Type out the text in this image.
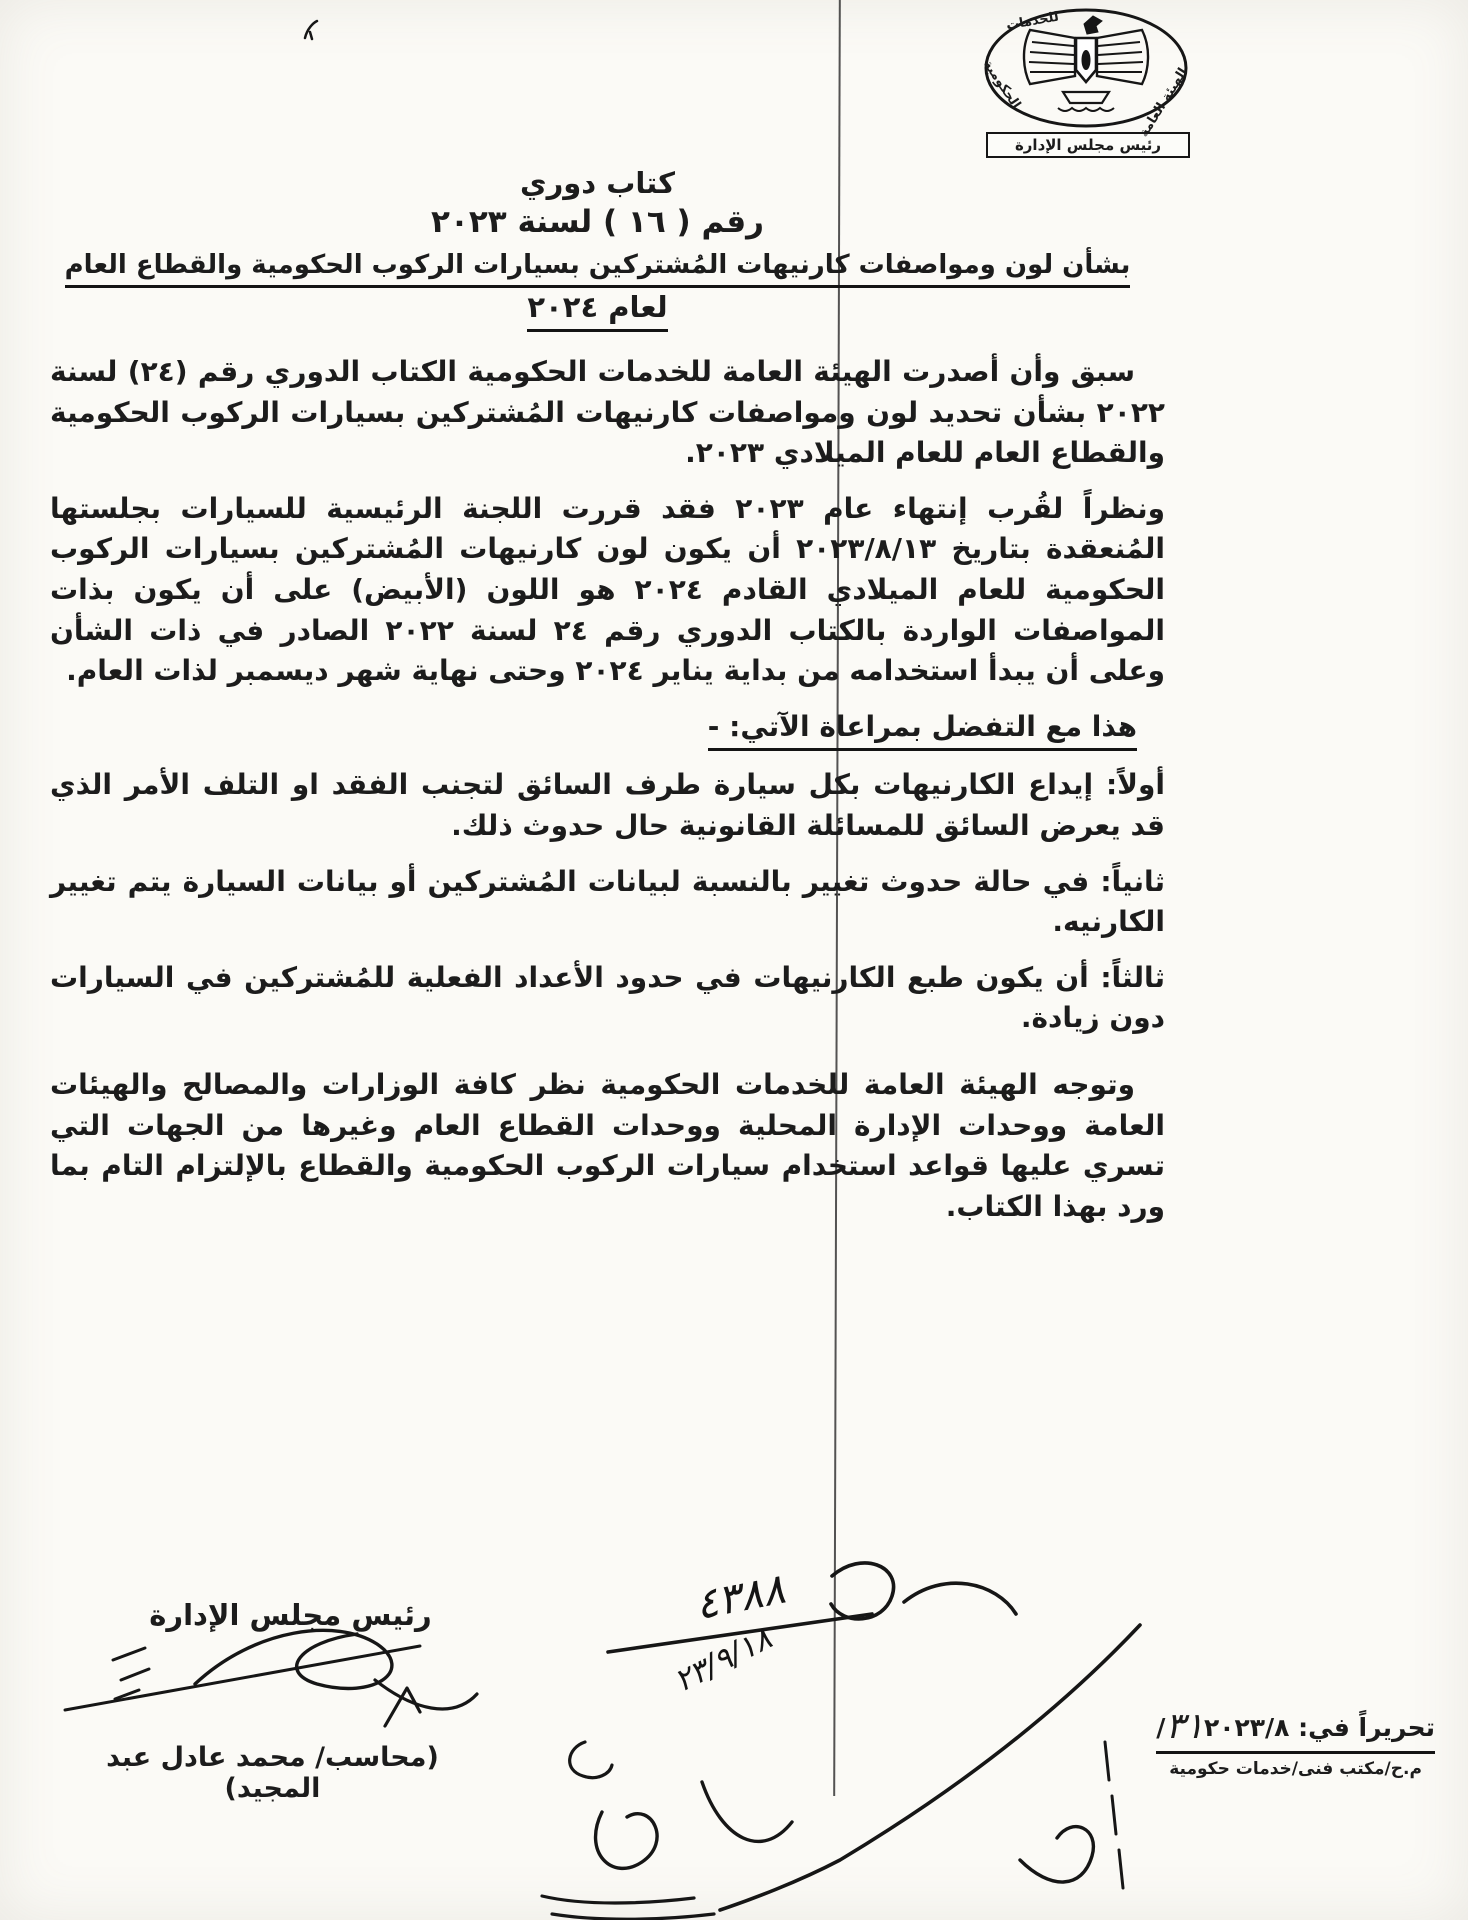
الهيئة العامة
للخدمات
الحكومية
رئيس مجلس الإدارة
كتاب دوري
رقم ( ١٦ ) لسنة ٢٠٢٣
بشأن لون ومواصفات كارنيهات المُشتركين بسيارات الركوب الحكومية والقطاع العام
لعام ٢٠٢٤

سبق وأن أصدرت الهيئة العامة للخدمات الحكومية الكتاب الدوري رقم (٢٤) لسنة ٢٠٢٢ بشأن تحديد لون ومواصفات كارنيهات المُشتركين بسيارات الركوب الحكومية والقطاع العام للعام الميلادي ٢٠٢٣.

ونظراً لقُرب إنتهاء عام ٢٠٢٣ فقد قررت اللجنة الرئيسية للسيارات بجلستها المُنعقدة بتاريخ ٢٠٢٣/٨/١٣ أن يكون لون كارنيهات المُشتركين بسيارات الركوب الحكومية للعام الميلادي القادم ٢٠٢٤ هو اللون (الأبيض) على أن يكون بذات المواصفات الواردة بالكتاب الدوري رقم ٢٤ لسنة ٢٠٢٢ الصادر في ذات الشأن وعلى أن يبدأ استخدامه من بداية يناير ٢٠٢٤ وحتى نهاية شهر ديسمبر لذات العام.

هذا مع التفضل بمراعاة الآتي: -

أولاً: إيداع الكارنيهات بكل سيارة طرف السائق لتجنب الفقد او التلف الأمر الذي قد يعرض السائق للمسائلة القانونية حال حدوث ذلك.

ثانياً: في حالة حدوث تغيير بالنسبة لبيانات المُشتركين أو بيانات السيارة يتم تغيير الكارنيه.

ثالثاً: أن يكون طبع الكارنيهات في حدود الأعداد الفعلية للمُشتركين في السيارات دون زيادة.

وتوجه الهيئة العامة للخدمات الحكومية نظر كافة الوزارات والمصالح والهيئات العامة ووحدات الإدارة المحلية ووحدات القطاع العام وغيرها من الجهات التي تسري عليها قواعد استخدام سيارات الركوب الحكومية والقطاع بالإلتزام التام بما ورد بهذا الكتاب.

رئيس مجلس الإدارة
(محاسب/ محمد عادل عبد المجيد)
٤٣٨٨
٢٣/٩/١٨
تحريراً في: ٣١٢٠٢٣/٨/
م.ح/مكتب فنى/خدمات حكومية
